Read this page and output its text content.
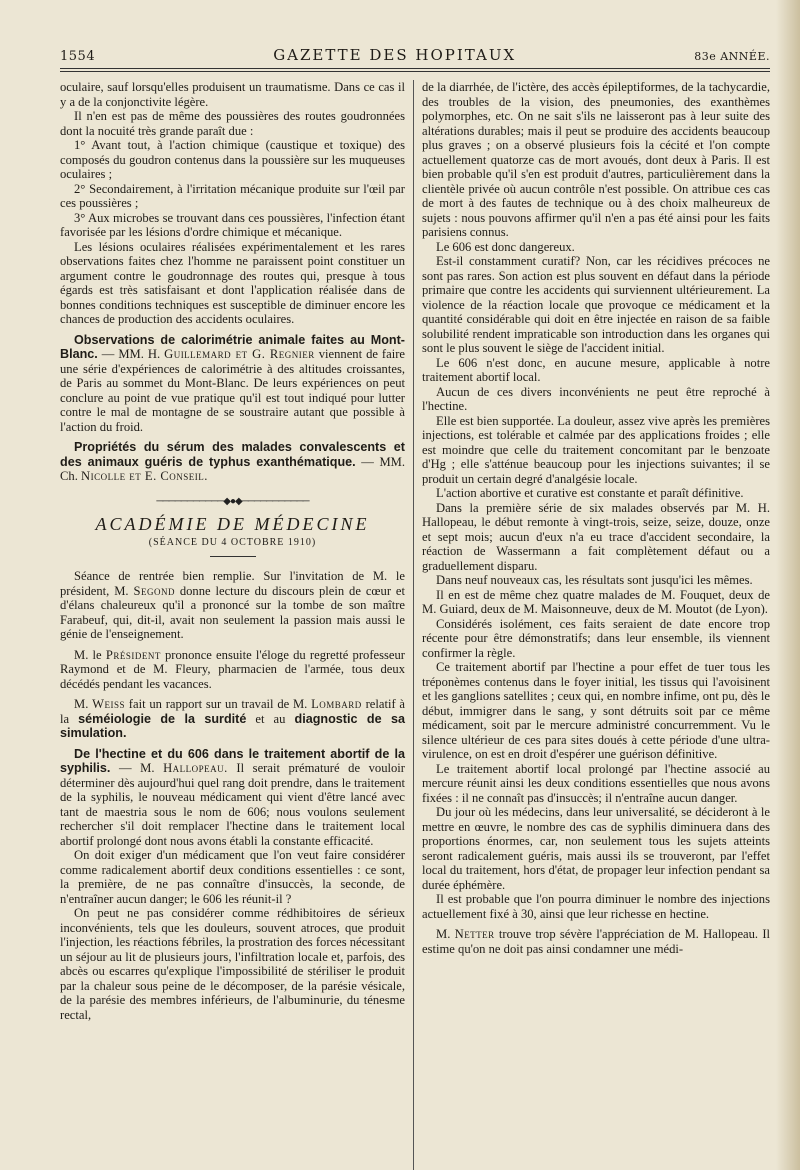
1554	GAZETTE DES HOPITAUX	83e ANNÉE.

oculaire, sauf lorsqu'elles produisent un traumatisme. Dans ce cas il y a de la conjonctivite légère.

Il n'en est pas de même des poussières des routes goudronnées dont la nocuité très grande paraît due :

1° Avant tout, à l'action chimique (caustique et toxique) des composés du goudron contenus dans la poussière sur les muqueuses oculaires ;

2° Secondairement, à l'irritation mécanique produite sur l'œil par ces poussières ;

3° Aux microbes se trouvant dans ces poussières, l'infection étant favorisée par les lésions d'ordre chimique et mécanique.

Les lésions oculaires réalisées expérimentalement et les rares observations faites chez l'homme ne paraissent point constituer un argument contre le goudronnage des routes qui, presque à tous égards est très satisfaisant et dont l'application réalisée dans de bonnes conditions techniques est susceptible de diminuer encore les chances de production des accidents oculaires.

Observations de calorimétrie animale faites au Mont-Blanc. — MM. H. Guillemard et G. Regnier viennent de faire une série d'expériences de calorimétrie à des altitudes croissantes, de Paris au sommet du Mont-Blanc. De leurs expériences on peut conclure au point de vue pratique qu'il est tout indiqué pour lutter contre le mal de montagne de se soustraire autant que possible à l'action du froid.

Propriétés du sérum des malades convalescents et des animaux guéris de typhus exanthématique. — MM. Ch. Nicolle et E. Conseil.

───────────◆●◆───────────
ACADÉMIE DE MÉDECINE
(SÉANCE DU 4 OCTOBRE 1910)

Séance de rentrée bien remplie. Sur l'invitation de M. le président, M. Segond donne lecture du discours plein de cœur et d'élans chaleureux qu'il a prononcé sur la tombe de son maître Farabeuf, qui, dit-il, avait non seulement la passion mais aussi le génie de l'enseignement.

M. le Président prononce ensuite l'éloge du regretté professeur Raymond et de M. Fleury, pharmacien de l'armée, tous deux décédés pendant les vacances.

M. Weiss fait un rapport sur un travail de M. Lombard relatif à la séméiologie de la surdité et au diagnostic de sa simulation.

De l'hectine et du 606 dans le traitement abortif de la syphilis. — M. Hallopeau. Il serait prématuré de vouloir déterminer dès aujourd'hui quel rang doit prendre, dans le traitement de la syphilis, le nouveau médicament qui vient d'être lancé avec tant de maestria sous le nom de 606; nous voulons seulement rechercher s'il doit remplacer l'hectine dans le traitement local abortif prolongé dont nous avons établi la constante efficacité.

On doit exiger d'un médicament que l'on veut faire considérer comme radicalement abortif deux conditions essentielles : ce sont, la première, de ne pas connaître d'insuccès, la seconde, de n'entraîner aucun danger; le 606 les réunit-il ?

On peut ne pas considérer comme rédhibitoires de sérieux inconvénients, tels que les douleurs, souvent atroces, que produit l'injection, les réactions fébriles, la prostration des forces nécessitant un séjour au lit de plusieurs jours, l'infiltration locale et, parfois, des abcès ou escarres qu'explique l'impossibilité de stériliser le produit par la chaleur sous peine de le décomposer, de la parésie vésicale, de la parésie des membres inférieurs, de l'albuminurie, du ténesme rectal,

de la diarrhée, de l'ictère, des accès épileptiformes, de la tachycardie, des troubles de la vision, des pneumonies, des exanthèmes polymorphes, etc. On ne sait s'ils ne laisseront pas à leur suite des altérations durables; mais il peut se produire des accidents beaucoup plus graves ; on a observé plusieurs fois la cécité et l'on compte actuellement quatorze cas de mort avoués, dont deux à Paris. Il est bien probable qu'il s'en est produit d'autres, particulièrement dans la clientèle privée où aucun contrôle n'est possible. On attribue ces cas de mort à des fautes de technique ou à des choix malheureux de sujets : nous pouvons affirmer qu'il n'en a pas été ainsi pour les faits parisiens connus.

Le 606 est donc dangereux.

Est-il constamment curatif? Non, car les récidives précoces ne sont pas rares. Son action est plus souvent en défaut dans la période primaire que contre les accidents qui surviennent ultérieurement. La violence de la réaction locale que provoque ce médicament et la quantité considérable qui doit en être injectée en raison de sa faible solubilité rendent impraticable son introduction dans les organes qui sont le plus souvent le siège de l'accident initial.

Le 606 n'est donc, en aucune mesure, applicable à notre traitement abortif local.

Aucun de ces divers inconvénients ne peut être reproché à l'hectine.

Elle est bien supportée. La douleur, assez vive après les premières injections, est tolérable et calmée par des applications froides ; elle est moindre que celle du traitement concomitant par le benzoate d'Hg ; elle s'atténue beaucoup pour les injections suivantes; il se produit un certain degré d'analgésie locale.

L'action abortive et curative est constante et paraît définitive.

Dans la première série de six malades observés par M. H. Hallopeau, le début remonte à vingt-trois, seize, seize, douze, onze et sept mois; aucun d'eux n'a eu trace d'accident secondaire, la réaction de Wassermann a fait complètement défaut ou a graduellement disparu.

Dans neuf nouveaux cas, les résultats sont jusqu'ici les mêmes.

Il en est de même chez quatre malades de M. Fouquet, deux de M. Guiard, deux de M. Maisonneuve, deux de M. Moutot (de Lyon).

Considérés isolément, ces faits seraient de date encore trop récente pour être démonstratifs; dans leur ensemble, ils viennent confirmer la règle.

Ce traitement abortif par l'hectine a pour effet de tuer tous les tréponèmes contenus dans le foyer initial, les tissus qui l'avoisinent et les ganglions satellites ; ceux qui, en nombre infime, ont pu, dès le début, immigrer dans le sang, y sont détruits soit par ce même médicament, soit par le mercure administré concurremment. Vu le silence ultérieur de ces para sites doués à cette période d'une ultra-virulence, on est en droit d'espérer une guérison définitive.

Le traitement abortif local prolongé par l'hectine associé au mercure réunit ainsi les deux conditions essentielles que nous avons fixées : il ne connaît pas d'insuccès; il n'entraîne aucun danger.

Du jour où les médecins, dans leur universalité, se décideront à le mettre en œuvre, le nombre des cas de syphilis diminuera dans des proportions énormes, car, non seulement tous les sujets atteints seront radicalement guéris, mais aussi ils se trouveront, par l'effet local du traitement, hors d'état, de propager leur infection pendant sa durée éphémère.

Il est probable que l'on pourra diminuer le nombre des injections actuellement fixé à 30, ainsi que leur richesse en hectine.

M. Netter trouve trop sévère l'appréciation de M. Hallopeau. Il estime qu'on ne doit pas ainsi condamner une médi-
